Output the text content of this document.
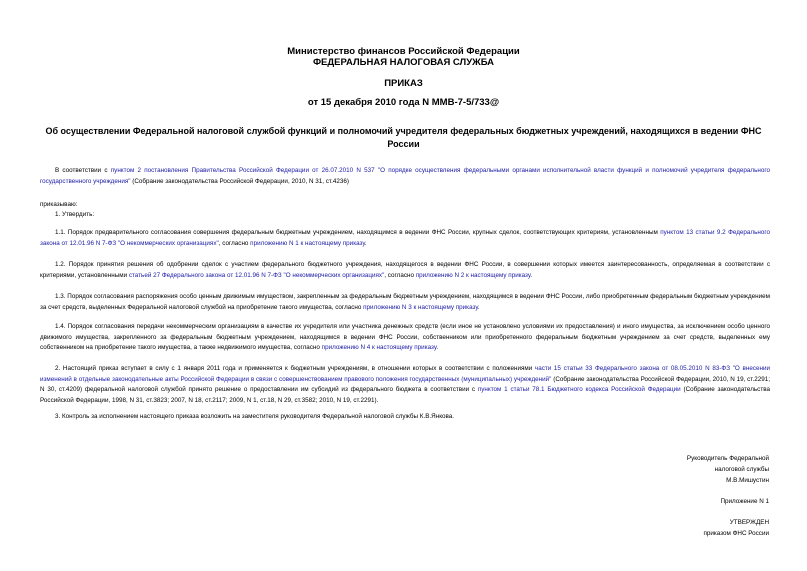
Министерство финансов Российской Федерации
ФЕДЕРАЛЬНАЯ НАЛОГОВАЯ СЛУЖБА
ПРИКАЗ
от 15 декабря 2010 года N ММВ-7-5/733@
Об осуществлении Федеральной налоговой службой функций и полномочий учредителя федеральных бюджетных учреждений, находящихся в ведении ФНС России
В соответствии с пунктом 2 постановления Правительства Российской Федерации от 26.07.2010 N 537 "О порядке осуществления федеральными органами исполнительной власти функций и полномочий учредителя федерального государственного учреждения" (Собрание законодательства Российской Федерации, 2010, N 31, ст.4236)
приказываю:
1. Утвердить:
1.1. Порядок предварительного согласования совершения федеральным бюджетным учреждением, находящимся в ведении ФНС России, крупных сделок, соответствующих критериям, установленным пунктом 13 статьи 9.2 Федерального закона от 12.01.96 N 7-ФЗ "О некоммерческих организациях", согласно приложению N 1 к настоящему приказу.
1.2. Порядок принятия решения об одобрении сделок с участием федерального бюджетного учреждения, находящегося в ведении ФНС России, в совершении которых имеется заинтересованность, определяемая в соответствии с критериями, установленными статьей 27 Федерального закона от 12.01.96 N 7-ФЗ "О некоммерческих организациях", согласно приложению N 2 к настоящему приказу.
1.3. Порядок согласования распоряжения особо ценным движимым имуществом, закрепленным за федеральным бюджетным учреждением, находящимся в ведении ФНС России, либо приобретенным федеральным бюджетным учреждением за счет средств, выделенных Федеральной налоговой службой на приобретение такого имущества, согласно приложению N 3 к настоящему приказу.
1.4. Порядок согласования передачи некоммерческим организациям в качестве их учредителя или участника денежных средств (если иное не установлено условиями их предоставления) и иного имущества, за исключением особо ценного движимого имущества, закрепленного за федеральным бюджетным учреждением, находящимся в ведении ФНС России, собственником или приобретенного федеральным бюджетным учреждением за счет средств, выделенных ему собственником на приобретение такого имущества, а также недвижимого имущества, согласно приложению N 4 к настоящему приказу.
2. Настоящий приказ вступает в силу с 1 января 2011 года и применяется к бюджетным учреждениям, в отношении которых в соответствии с положениями части 15 статьи 33 Федерального закона от 08.05.2010 N 83-ФЗ "О внесении изменений в отдельные законодательные акты Российской Федерации в связи с совершенствованием правового положения государственных (муниципальных) учреждений" (Собрание законодательства Российской Федерации, 2010, N 19, ст.2291; N 30, ст.4209) федеральной налоговой службой принято решение о предоставлении им субсидий из федерального бюджета в соответствии с пунктом 1 статьи 78.1 Бюджетного кодекса Российской Федерации (Собрание законодательства Российской Федерации, 1998, N 31, ст.3823; 2007, N 18, ст.2117; 2009, N 1, ст.18, N 29, ст.3582; 2010, N 19, ст.2291).
3. Контроль за исполнением настоящего приказа возложить на заместителя руководителя Федеральной налоговой службы К.В.Янкова.
Руководитель Федеральной
налоговой службы
М.В.Мишустин
Приложение N 1
УТВЕРЖДЕН
приказом ФНС России
